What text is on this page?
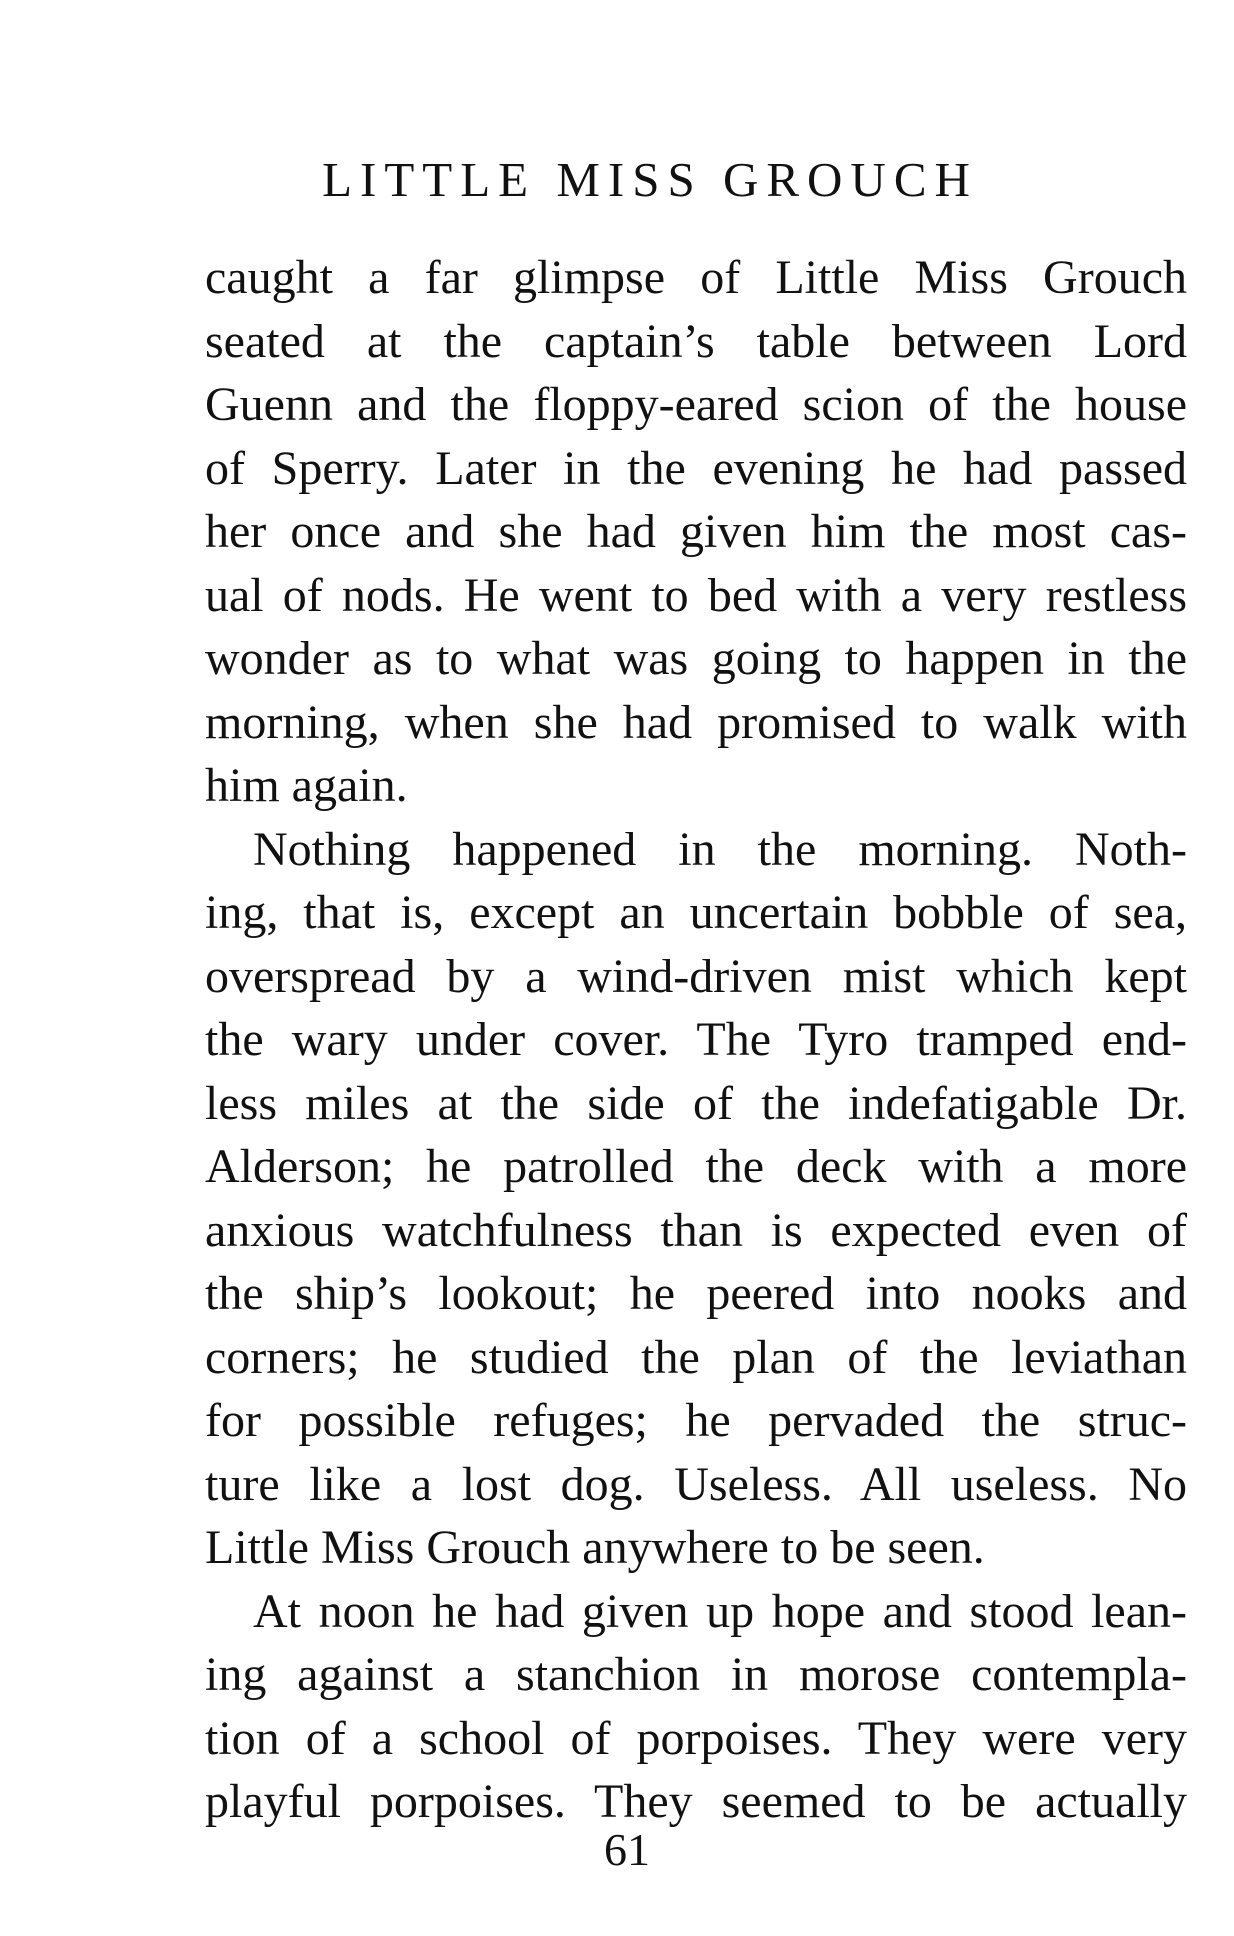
LITTLE MISS GROUCH
caught a far glimpse of Little Miss Grouch
seated at the captain’s table between Lord
Guenn and the floppy-eared scion of the house
of Sperry. Later in the evening he had passed
her once and she had given him the most cas-
ual of nods. He went to bed with a very restless
wonder as to what was going to happen in the
morning, when she had promised to walk with
him again.
Nothing happened in the morning. Noth-
ing, that is, except an uncertain bobble of sea,
overspread by a wind-driven mist which kept
the wary under cover. The Tyro tramped end-
less miles at the side of the indefatigable Dr.
Alderson; he patrolled the deck with a more
anxious watchfulness than is expected even of
the ship’s lookout; he peered into nooks and
corners; he studied the plan of the leviathan
for possible refuges; he pervaded the struc-
ture like a lost dog. Useless. All useless. No
Little Miss Grouch anywhere to be seen.
At noon he had given up hope and stood lean-
ing against a stanchion in morose contempla-
tion of a school of porpoises. They were very
playful porpoises. They seemed to be actually
61
